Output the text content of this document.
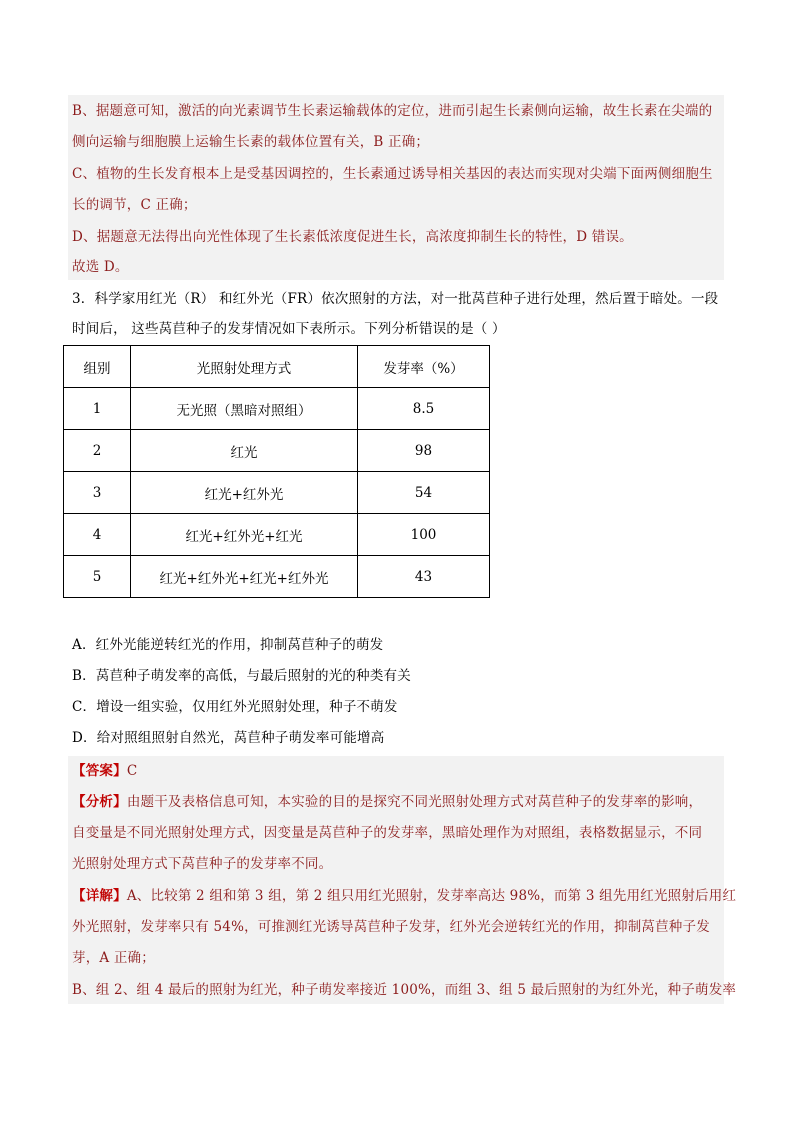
B、据题意可知，激活的向光素调节生长素运输载体的定位，进而引起生长素侧向运输，故生长素在尖端的
侧向运输与细胞膜上运输生长素的载体位置有关，B 正确；
C、植物的生长发育根本上是受基因调控的，生长素通过诱导相关基因的表达而实现对尖端下面两侧细胞生
长的调节，C 正确；
D、据题意无法得出向光性体现了生长素低浓度促进生长，高浓度抑制生长的特性，D 错误。
故选 D。
3．科学家用红光（R） 和红外光（FR）依次照射的方法，对一批莴苣种子进行处理，然后置于暗处。一段
时间后， 这些莴苣种子的发芽情况如下表所示。下列分析错误的是（ ）
组别	光照射处理方式	发芽率（%）
1	无光照（黑暗对照组）	8.5
2	红光	98
3	红光+红外光	54
4	红光+红外光+红光	100
5	红光+红外光+红光+红外光	43
A．红外光能逆转红光的作用，抑制莴苣种子的萌发
B．莴苣种子萌发率的高低，与最后照射的光的种类有关
C．增设一组实验，仅用红外光照射处理，种子不萌发
D．给对照组照射自然光，莴苣种子萌发率可能增高
【答案】C
【分析】由题干及表格信息可知，本实验的目的是探究不同光照射处理方式对莴苣种子的发芽率的影响，
自变量是不同光照射处理方式，因变量是莴苣种子的发芽率，黑暗处理作为对照组，表格数据显示，不同
光照射处理方式下莴苣种子的发芽率不同。
【详解】A、比较第 2 组和第 3 组，第 2 组只用红光照射，发芽率高达 98%，而第 3 组先用红光照射后用红
外光照射，发芽率只有 54%，可推测红光诱导莴苣种子发芽，红外光会逆转红光的作用，抑制莴苣种子发
芽，A 正确；
B、组 2、组 4 最后的照射为红光，种子萌发率接近 100%，而组 3、组 5 最后照射的为红外光，种子萌发率
